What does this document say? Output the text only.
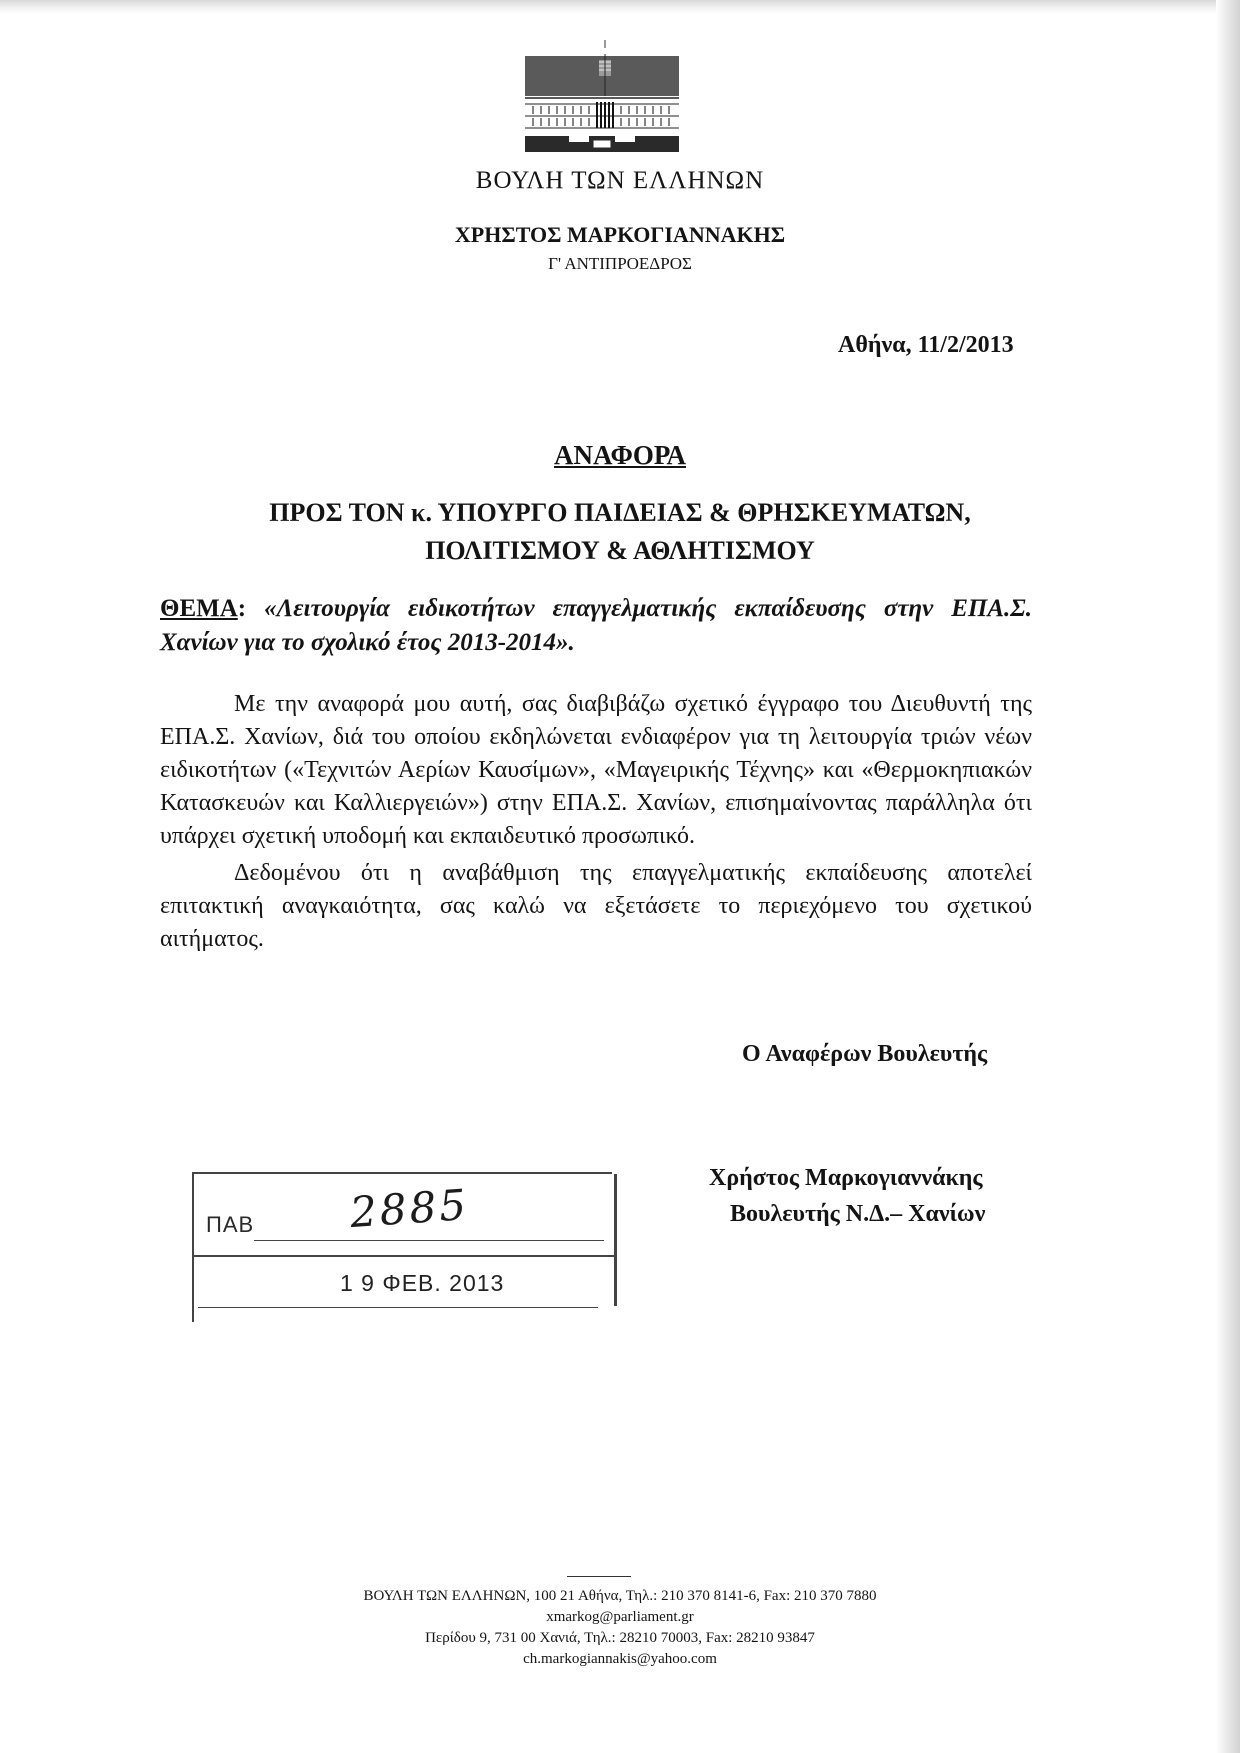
ΒΟΥΛΗ ΤΩΝ ΕΛΛΗΝΩΝ
ΧΡΗΣΤΟΣ ΜΑΡΚΟΓΙΑΝΝΑΚΗΣ
Γ' ΑΝΤΙΠΡΟΕΔΡΟΣ
Αθήνα, 11/2/2013
ΑΝΑΦΟΡΑ
ΠΡΟΣ ΤΟΝ κ. ΥΠΟΥΡΓΟ ΠΑΙΔΕΙΑΣ & ΘΡΗΣΚΕΥΜΑΤΩΝ,
ΠΟΛΙΤΙΣΜΟΥ & ΑΘΛΗΤΙΣΜΟΥ
ΘΕΜΑ: «Λειτουργία ειδικοτήτων επαγγελματικής εκπαίδευσης στην ΕΠΑ.Σ. Χανίων για το σχολικό έτος 2013-2014».

Με την αναφορά μου αυτή, σας διαβιβάζω σχετικό έγγραφο του Διευθυντή της ΕΠΑ.Σ. Χανίων, διά του οποίου εκδηλώνεται ενδιαφέρον για τη λειτουργία τριών νέων ειδικοτήτων («Τεχνιτών Αερίων Καυσίμων», «Μαγειρικής Τέχνης» και «Θερμοκηπιακών Κατασκευών και Καλλιεργειών») στην ΕΠΑ.Σ. Χανίων, επισημαίνοντας παράλληλα ότι υπάρχει σχετική υποδομή και εκπαιδευτικό προσωπικό.

Δεδομένου ότι η αναβάθμιση της επαγγελματικής εκπαίδευσης αποτελεί επιτακτική αναγκαιότητα, σας καλώ να εξετάσετε το περιεχόμενο του σχετικού αιτήματος.

Ο Αναφέρων Βουλευτής
ΠΑΒ 2885
1 9 ΦΕΒ. 2013
Χρήστος Μαρκογιαννάκης
Βουλευτής Ν.Δ.– Χανίων
ΒΟΥΛΗ ΤΩΝ ΕΛΛΗΝΩΝ, 100 21 Αθήνα, Τηλ.: 210 370 8141-6, Fax: 210 370 7880
xmarkog@parliament.gr
Περίδου 9, 731 00 Χανιά, Τηλ.: 28210 70003, Fax: 28210 93847
ch.markogiannakis@yahoo.com
